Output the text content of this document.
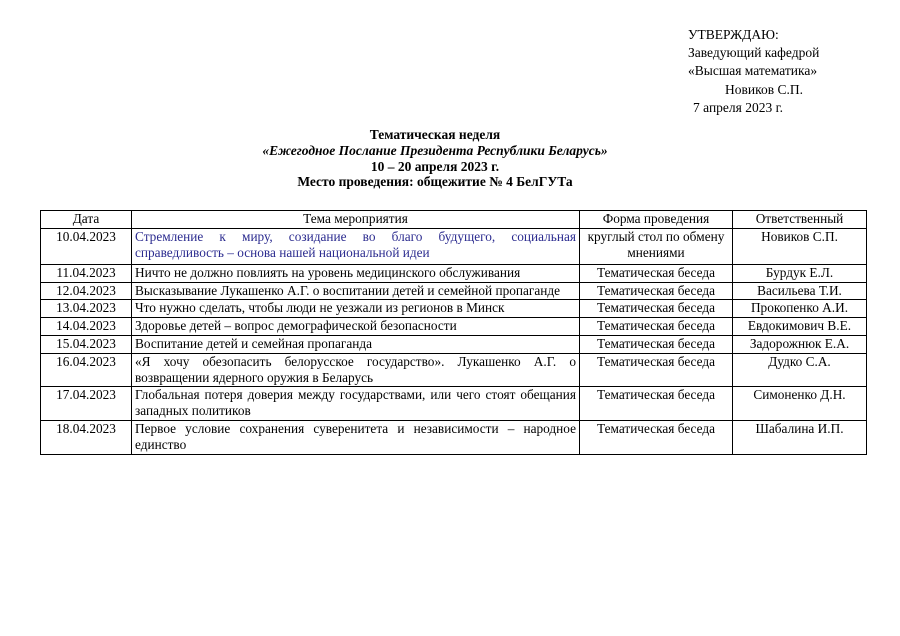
УТВЕРЖДАЮ:
Заведующий кафедрой
«Высшая математика»
Новиков С.П.
7 апреля 2023 г.
Тематическая неделя
«Ежегодное Послание Президента Республики Беларусь»
10 – 20 апреля 2023 г.
Место проведения: общежитие № 4 БелГУТа
Дата	Тема мероприятия	Форма проведения	Ответственный
10.04.2023	Стремление к миру, созидание во благо будущего, социальная справедливость – основа нашей национальной идеи	круглый стол по обмену мнениями	Новиков С.П.
11.04.2023	Ничто не должно повлиять на уровень медицинского обслуживания	Тематическая беседа	Бурдук Е.Л.
12.04.2023	Высказывание Лукашенко А.Г. о воспитании детей и семейной пропаганде	Тематическая беседа	Васильева Т.И.
13.04.2023	Что нужно сделать, чтобы люди не уезжали из регионов в Минск	Тематическая беседа	Прокопенко А.И.
14.04.2023	Здоровье детей – вопрос демографической безопасности	Тематическая беседа	Евдокимович В.Е.
15.04.2023	Воспитание детей и семейная пропаганда	Тематическая беседа	Задорожнюк Е.А.
16.04.2023	«Я хочу обезопасить белорусское государство». Лукашенко А.Г. о возвращении ядерного оружия в Беларусь	Тематическая беседа	Дудко С.А.
17.04.2023	Глобальная потеря доверия между государствами, или чего стоят обещания западных политиков	Тематическая беседа	Симоненко Д.Н.
18.04.2023	Первое условие сохранения суверенитета и независимости – народное единство	Тематическая беседа	Шабалина И.П.
